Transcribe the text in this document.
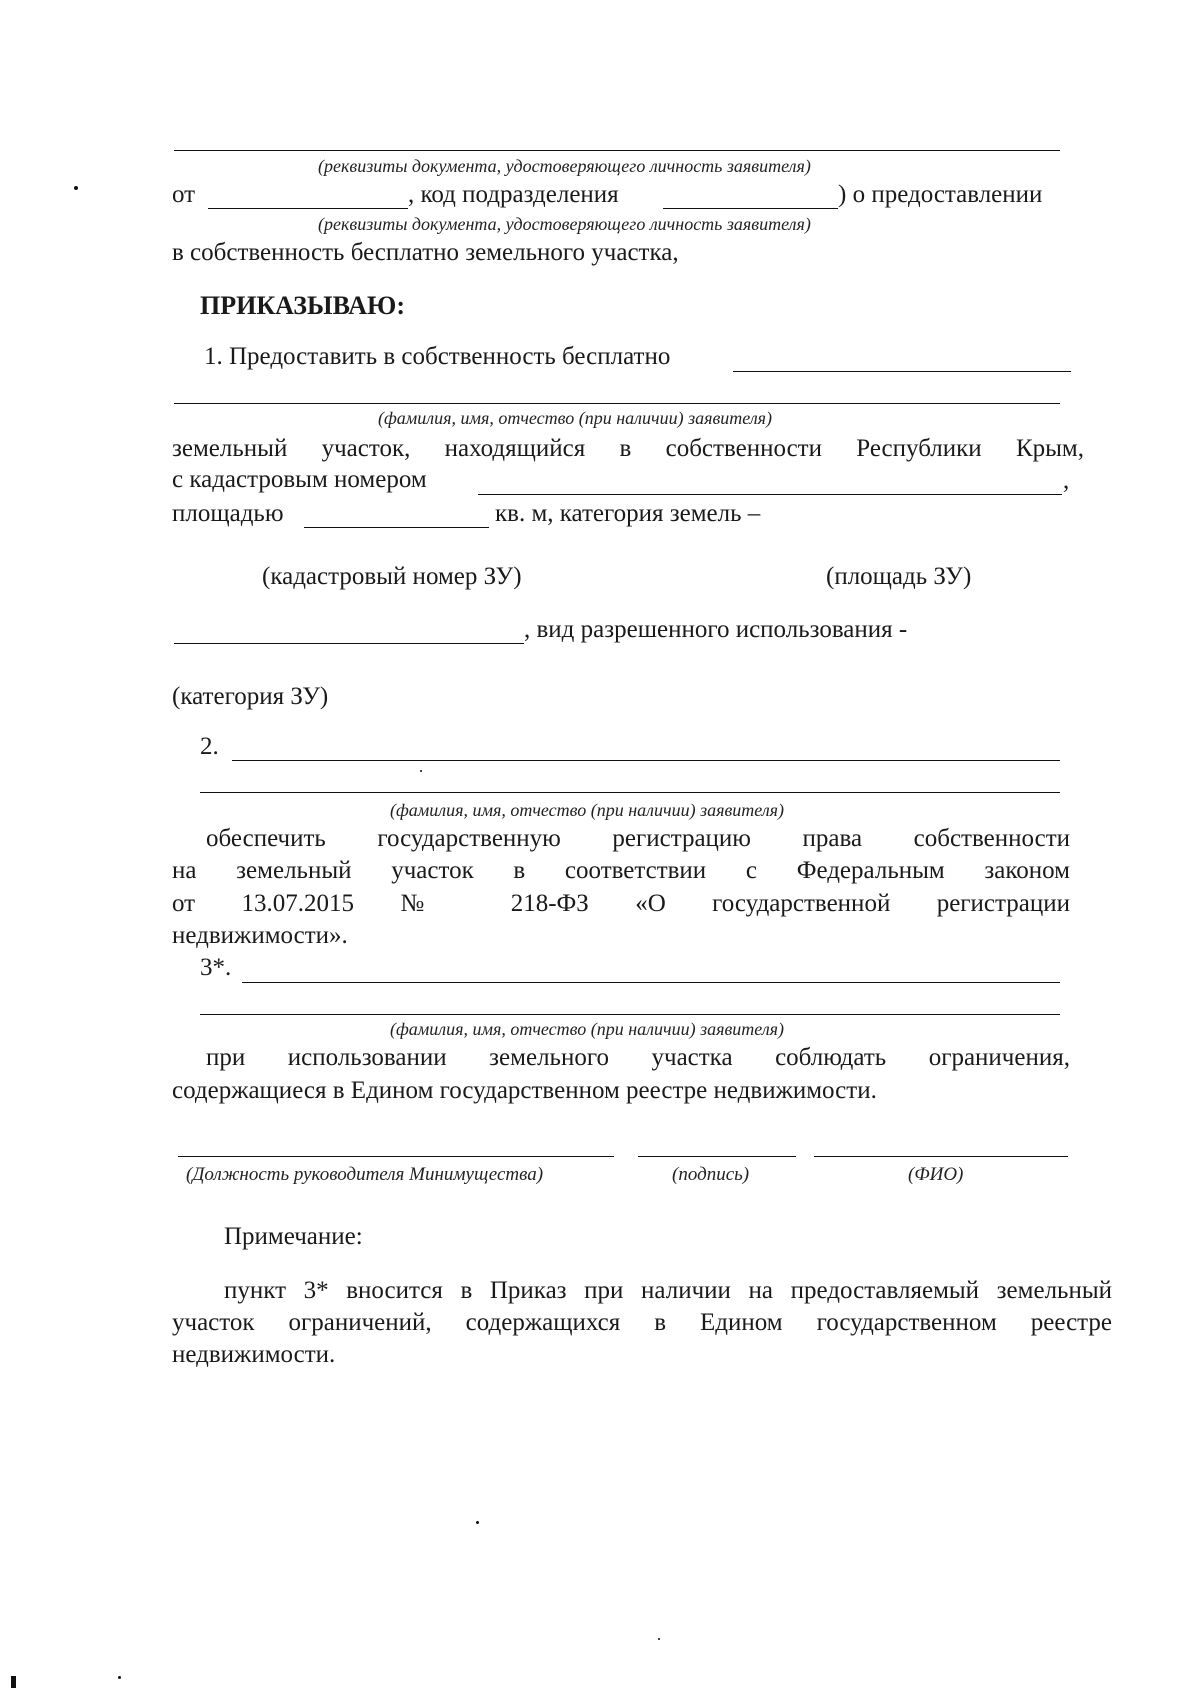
(реквизиты документа, удостоверяющего личность заявителя)
от	, код подразделения	) о предоставлении
(реквизиты документа, удостоверяющего личность заявителя)
в собственность бесплатно земельного участка,
ПРИКАЗЫВАЮ:
1. Предоставить в собственность бесплатно
(фамилия, имя, отчество (при наличии) заявителя)
земельный участок, находящийся в собственности Республики Крым,
с кадастровым номером	,
площадью	кв. м, категория земель –
(кадастровый номер ЗУ)	(площадь ЗУ)
, вид разрешенного использования -
(категория ЗУ)
2.
(фамилия, имя, отчество (при наличии) заявителя)
обеспечить государственную регистрацию права собственности
на земельный участок в соответствии с Федеральным законом
от 13.07.2015 № 218-ФЗ «О государственной регистрации
недвижимости».
3*.
(фамилия, имя, отчество (при наличии) заявителя)
при использовании земельного участка соблюдать ограничения,
содержащиеся в Едином государственном реестре недвижимости.
(Должность руководителя Минимущества)	(подпись)	(ФИО)
Примечание:
пункт 3* вносится в Приказ при наличии на предоставляемый земельный
участок ограничений, содержащихся в Едином государственном реестре
недвижимости.
